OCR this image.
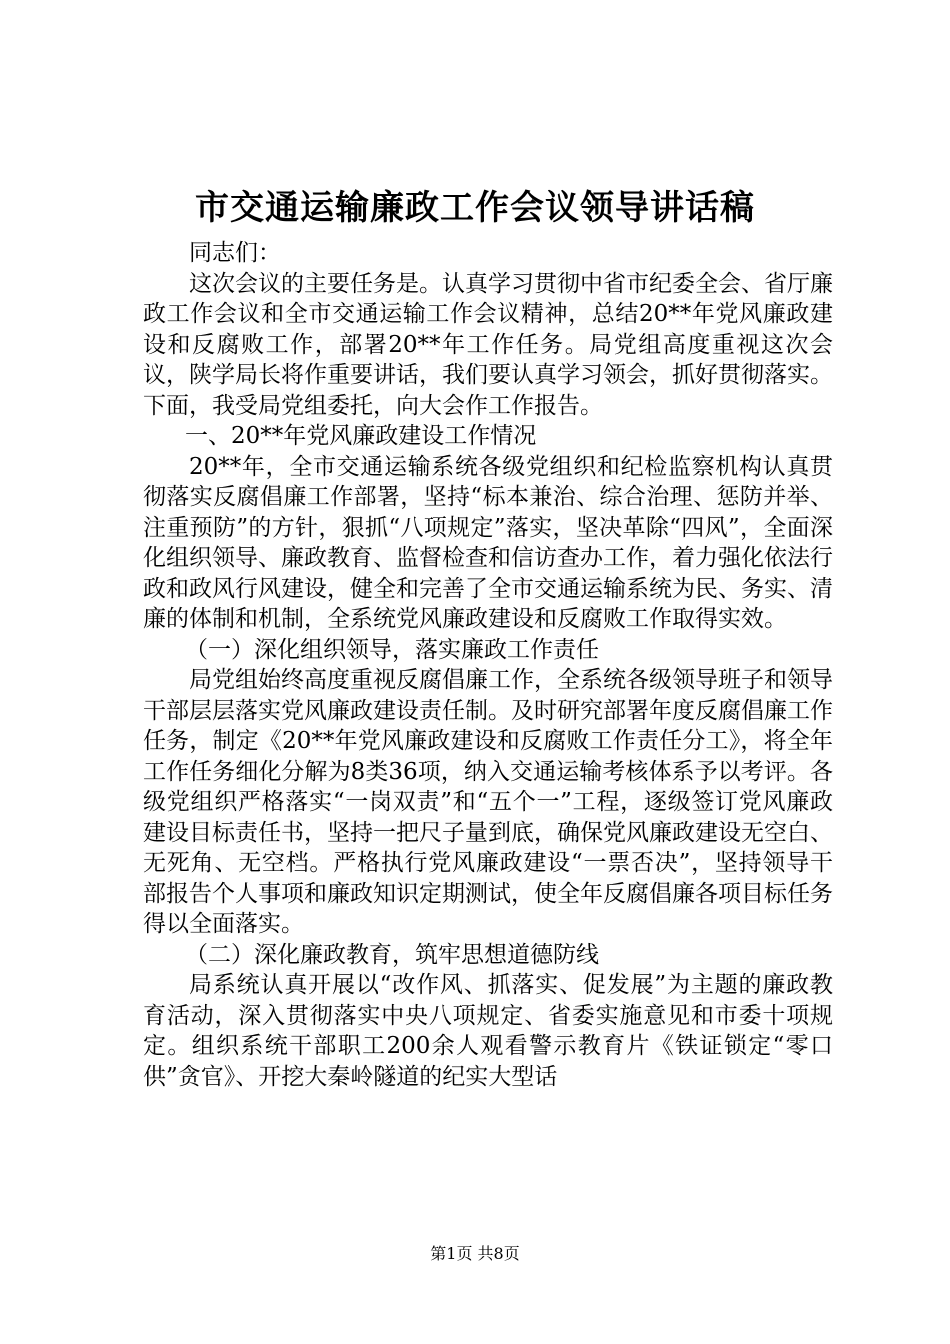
市交通运输廉政工作会议领导讲话稿

同志们：

这次会议的主要任务是。认真学习贯彻中省市纪委全会、省厅廉政工作会议和全市交通运输工作会议精神，总结20**年党风廉政建设和反腐败工作，部署20**年工作任务。局党组高度重视这次会议，陕学局长将作重要讲话，我们要认真学习领会，抓好贯彻落实。下面，我受局党组委托，向大会作工作报告。

一、20**年党风廉政建设工作情况

20**年，全市交通运输系统各级党组织和纪检监察机构认真贯彻落实反腐倡廉工作部署，坚持“标本兼治、综合治理、惩防并举、注重预防”的方针，狠抓“八项规定”落实，坚决革除“四风”，全面深化组织领导、廉政教育、监督检查和信访查办工作，着力强化依法行政和政风行风建设，健全和完善了全市交通运输系统为民、务实、清廉的体制和机制，全系统党风廉政建设和反腐败工作取得实效。

（一）深化组织领导，落实廉政工作责任

局党组始终高度重视反腐倡廉工作，全系统各级领导班子和领导干部层层落实党风廉政建设责任制。及时研究部署年度反腐倡廉工作任务，制定《20**年党风廉政建设和反腐败工作责任分工》，将全年工作任务细化分解为8类36项，纳入交通运输考核体系予以考评。各级党组织严格落实“一岗双责”和“五个一”工程，逐级签订党风廉政建设目标责任书，坚持一把尺子量到底，确保党风廉政建设无空白、无死角、无空档。严格执行党风廉政建设“一票否决”，坚持领导干部报告个人事项和廉政知识定期测试，使全年反腐倡廉各项目标任务得以全面落实。

（二）深化廉政教育，筑牢思想道德防线

局系统认真开展以“改作风、抓落实、促发展”为主题的廉政教育活动，深入贯彻落实中央八项规定、省委实施意见和市委十项规定。组织系统干部职工200余人观看警示教育片《铁证锁定“零口供”贪官》、开挖大秦岭隧道的纪实大型话

第1页 共8页
